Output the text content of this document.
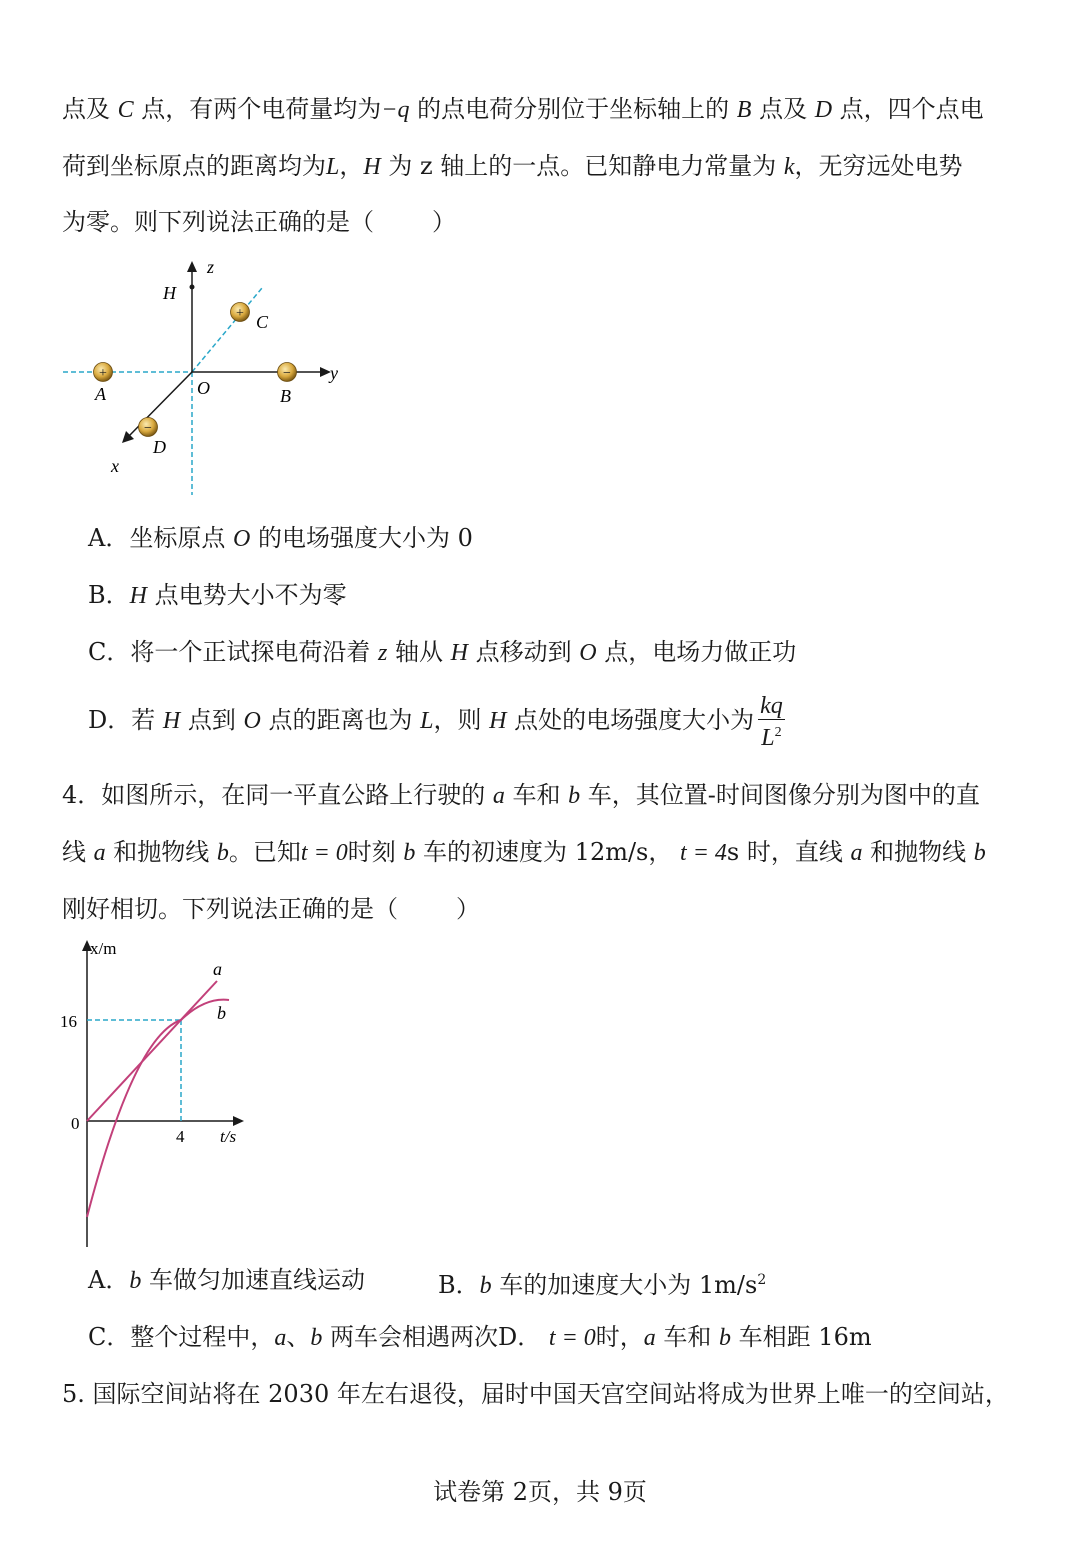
点及 C 点，有两个电荷量均为−q 的点电荷分别位于坐标轴上的 B 点及 D 点，四个点电
荷到坐标原点的距离均为L，H 为 z 轴上的一点。已知静电力常量为 k，无穷远处电势
为零。则下列说法正确的是（ ）
+	−
+
−
z
H
C
y
O
A	B
D
x
A．坐标原点 O 的电场强度大小为 0
B．H 点电势大小不为零
C．将一个正试探电荷沿着 z 轴从 H 点移动到 O 点，电场力做正功
D．若 H 点到 O 点的距离也为 L，则 H 点处的电场强度大小为 $\frac{kq}{L^2}$
4．如图所示，在同一平直公路上行驶的 a 车和 b 车，其位置-时间图像分别为图中的直
线 a 和抛物线 b。已知t = 0时刻 b 车的初速度为 12m/s， t = 4s 时，直线 a 和抛物线 b
刚好相切。下列说法正确的是（ ）
x/m
16
0
4 t/s
a
b
A．b 车做匀加速直线运动	B．b 车的加速度大小为 $1m/s^2$
C．整个过程中，a、b 两车会相遇两次D． t = 0时，a 车和 b 车相距 16m
5. 国际空间站将在 2030 年左右退役，届时中国天宫空间站将成为世界上唯一的空间站，
试卷第 2页，共 9页
